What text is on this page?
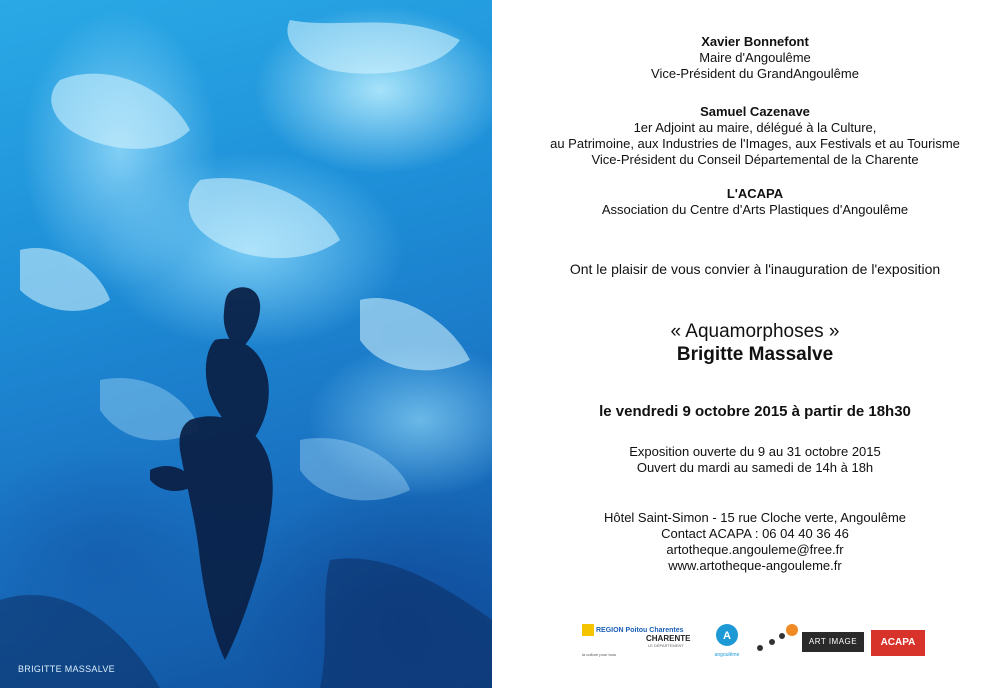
BRIGITTE MASSALVE
Xavier Bonnefont
Maire d'Angoulême
Vice-Président du GrandAngoulême
Samuel Cazenave
1er Adjoint au maire, délégué à la Culture,
au Patrimoine, aux Industries de l'Images, aux Festivals et au Tourisme
Vice-Président du Conseil Départemental de la Charente
L'ACAPA
Association du Centre d'Arts Plastiques d'Angoulême
Ont le plaisir de vous convier à l'inauguration de l'exposition
« Aquamorphoses »
Brigitte Massalve
le vendredi 9 octobre 2015 à partir de 18h30
Exposition ouverte du 9 au 31 octobre 2015
Ouvert du mardi au samedi de 14h à 18h
Hôtel Saint-Simon - 15 rue Cloche verte, Angoulême
Contact ACAPA : 06 04 40 36 46
artotheque.angouleme@free.fr
www.artotheque-angouleme.fr
REGION Poitou Charentes
la culture pour tous
CHARENTE
LE DÉPARTEMENT
A
angoulême
ART IMAGE	ACAPA
